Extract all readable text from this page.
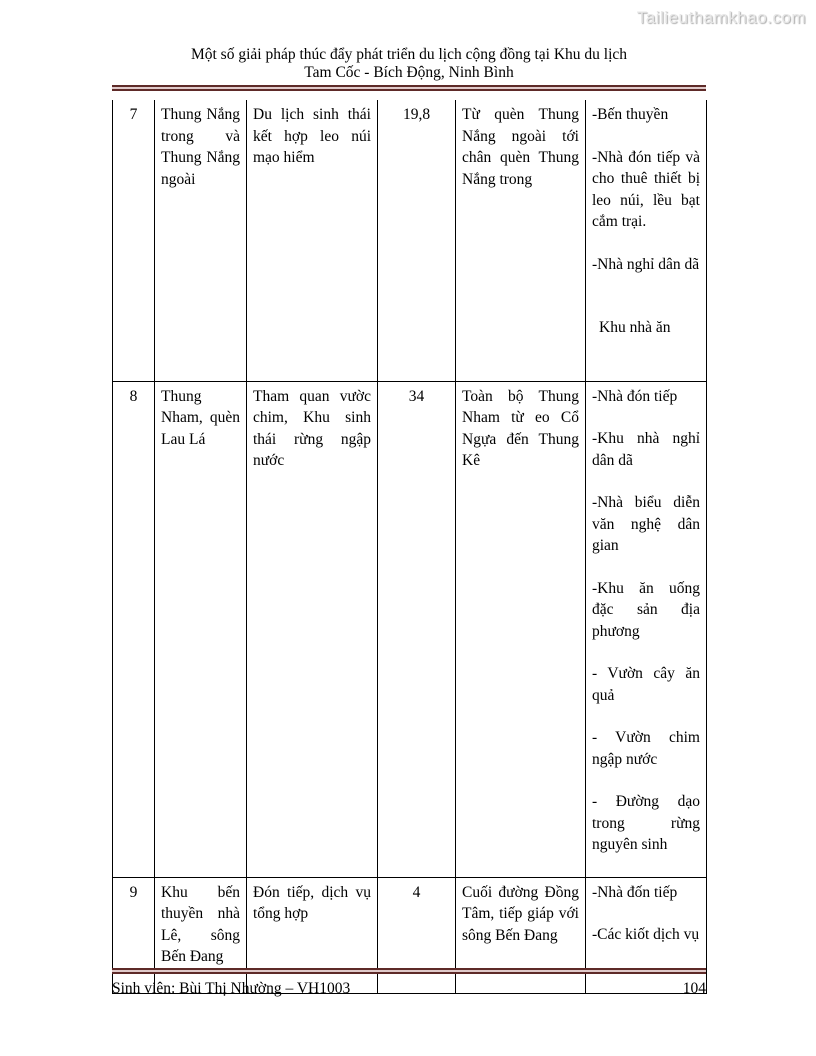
Tailieuthamkhao.com
Một số giải pháp thúc đẩy phát triển du lịch cộng đồng tại Khu du lịch
Tam Cốc - Bích Động, Ninh Bình
7	Thung Nắng trong và Thung Nắng ngoài	Du lịch sinh thái kết hợp leo núi mạo hiểm	19,8	Từ quèn Thung Nắng ngoài tới chân quèn Thung Nắng trong	-Bến thuyền

-Nhà đón tiếp và cho thuê thiết bị leo núi, lều bạt cắm trại.

-Nhà nghỉ dân dã

Khu nhà ăn

8	Thung Nham, quèn Lau Lá	Tham quan vườc chim, Khu sinh thái rừng ngập nước	34	Toàn bộ Thung Nham từ eo Cổ Ngựa đến Thung Kê	

-Nhà đón tiếp

-Khu nhà nghỉ dân dã

-Nhà biểu diễn văn nghệ dân gian

-Khu ăn uống đặc sản địa phương

- Vườn cây ăn quả

- Vườn chim ngập nước

- Đường dạo trong rừng nguyên sinh

9	Khu bến thuyền nhà Lê, sông Bến Đang	Đón tiếp, dịch vụ tổng hợp	4	Cuối đường Đồng Tâm, tiếp giáp với sông Bến Đang	-Nhà đốn tiếp

-Các kiốt dịch vụ

Sinh viên: Bùi Thị Nhường – VH1003	104
